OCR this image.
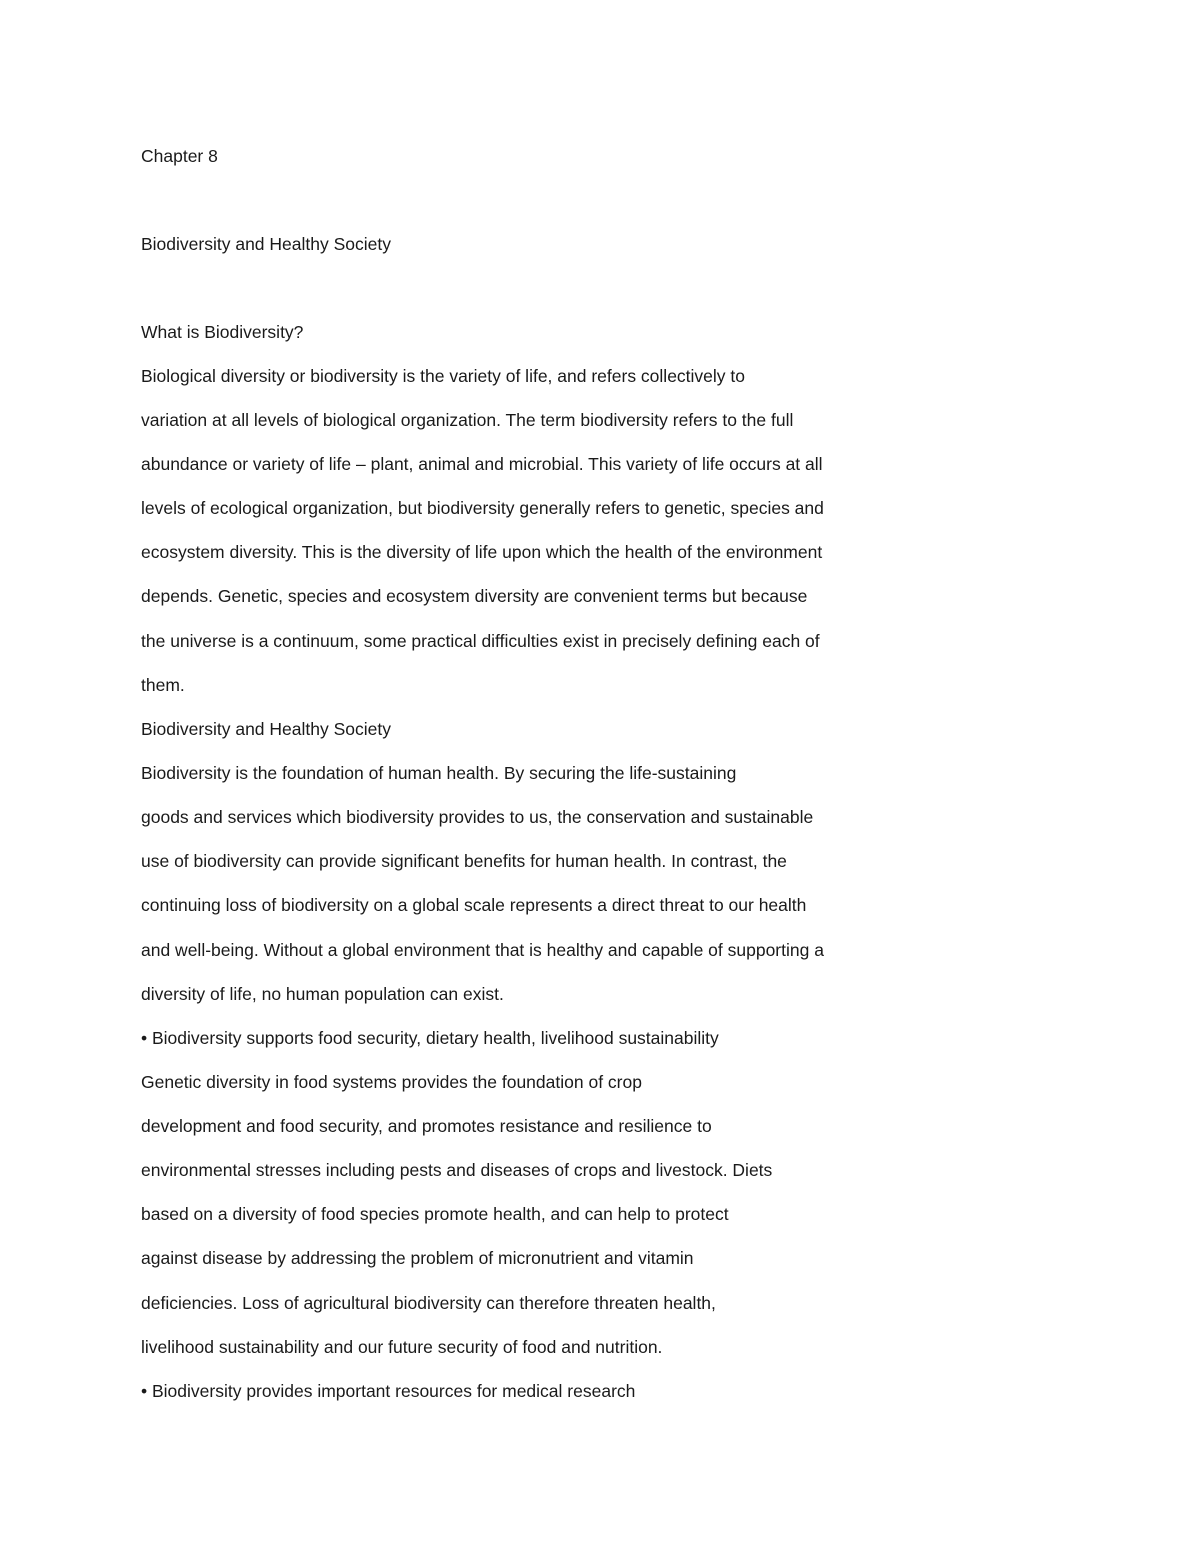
Chapter 8

Biodiversity and Healthy Society

What is Biodiversity?

Biological diversity or biodiversity is the variety of life, and refers collectively to

variation at all levels of biological organization. The term biodiversity refers to the full

abundance or variety of life – plant, animal and microbial. This variety of life occurs at all

levels of ecological organization, but biodiversity generally refers to genetic, species and

ecosystem diversity. This is the diversity of life upon which the health of the environment

depends. Genetic, species and ecosystem diversity are convenient terms but because

the universe is a continuum, some practical difficulties exist in precisely defining each of

them.

Biodiversity and Healthy Society

Biodiversity is the foundation of human health. By securing the life-sustaining

goods and services which biodiversity provides to us, the conservation and sustainable

use of biodiversity can provide significant benefits for human health. In contrast, the

continuing loss of biodiversity on a global scale represents a direct threat to our health

and well-being. Without a global environment that is healthy and capable of supporting a

diversity of life, no human population can exist.

• Biodiversity supports food security, dietary health, livelihood sustainability

Genetic diversity in food systems provides the foundation of crop

development and food security, and promotes resistance and resilience to

environmental stresses including pests and diseases of crops and livestock. Diets

based on a diversity of food species promote health, and can help to protect

against disease by addressing the problem of micronutrient and vitamin

deficiencies. Loss of agricultural biodiversity can therefore threaten health,

livelihood sustainability and our future security of food and nutrition.

• Biodiversity provides important resources for medical research
